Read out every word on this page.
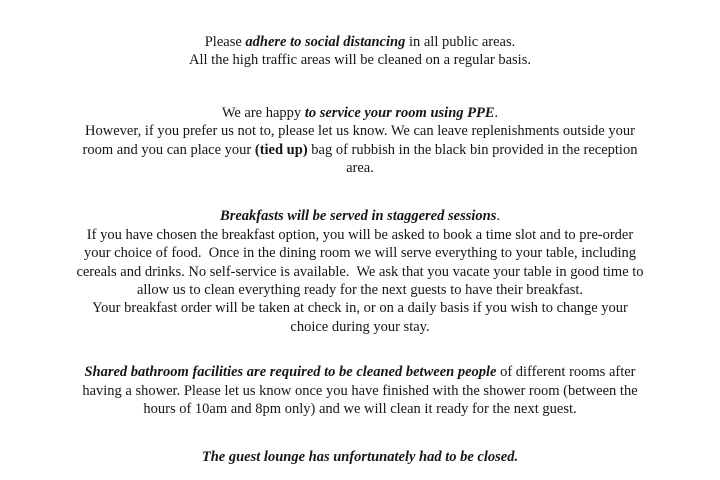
Please adhere to social distancing in all public areas.
All the high traffic areas will be cleaned on a regular basis.
We are happy to service your room using PPE.
However, if you prefer us not to, please let us know. We can leave replenishments outside your
room and you can place your (tied up) bag of rubbish in the black bin provided in the reception
area.
Breakfasts will be served in staggered sessions.
If you have chosen the breakfast option, you will be asked to book a time slot and to pre-order
your choice of food.  Once in the dining room we will serve everything to your table, including
cereals and drinks. No self-service is available.  We ask that you vacate your table in good time to
allow us to clean everything ready for the next guests to have their breakfast.
Your breakfast order will be taken at check in, or on a daily basis if you wish to change your
choice during your stay.
Shared bathroom facilities are required to be cleaned between people of different rooms after
having a shower. Please let us know once you have finished with the shower room (between the
hours of 10am and 8pm only) and we will clean it ready for the next guest.
The guest lounge has unfortunately had to be closed.
